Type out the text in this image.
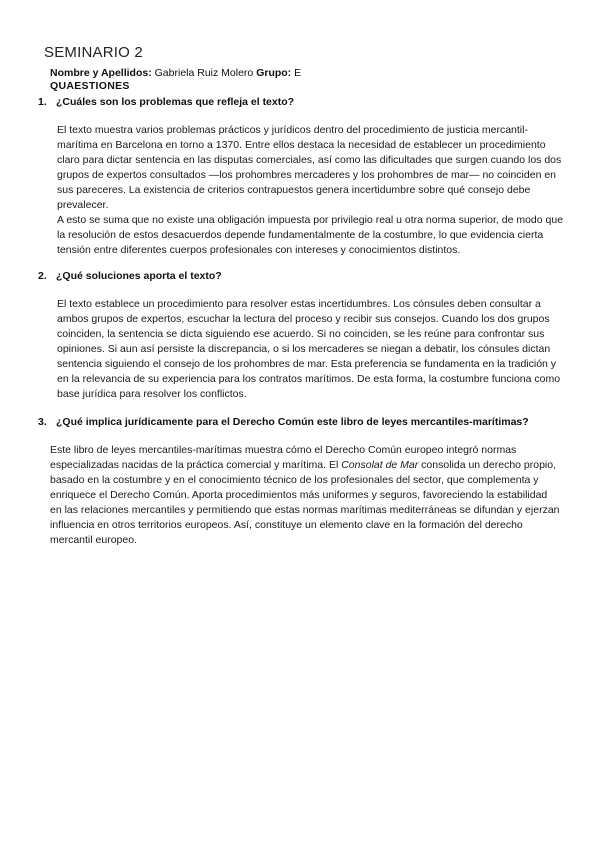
SEMINARIO 2
Nombre y Apellidos: Gabriela Ruiz Molero Grupo: E
QUAESTIONES
1. ¿Cuáles son los problemas que refleja el texto?

El texto muestra varios problemas prácticos y jurídicos dentro del procedimiento de justicia mercantil-marítima en Barcelona en torno a 1370. Entre ellos destaca la necesidad de establecer un procedimiento claro para dictar sentencia en las disputas comerciales, así como las dificultades que surgen cuando los dos grupos de expertos consultados —los prohombres mercaderes y los prohombres de mar— no coinciden en sus pareceres. La existencia de criterios contrapuestos genera incertidumbre sobre qué consejo debe prevalecer.

A esto se suma que no existe una obligación impuesta por privilegio real u otra norma superior, de modo que la resolución de estos desacuerdos depende fundamentalmente de la costumbre, lo que evidencia cierta tensión entre diferentes cuerpos profesionales con intereses y conocimientos distintos.

2. ¿Qué soluciones aporta el texto?

El texto establece un procedimiento para resolver estas incertidumbres. Los cónsules deben consultar a ambos grupos de expertos, escuchar la lectura del proceso y recibir sus consejos. Cuando los dos grupos coinciden, la sentencia se dicta siguiendo ese acuerdo. Si no coinciden, se les reúne para confrontar sus opiniones. Si aun así persiste la discrepancia, o si los mercaderes se niegan a debatir, los cónsules dictan sentencia siguiendo el consejo de los prohombres de mar. Esta preferencia se fundamenta en la tradición y en la relevancia de su experiencia para los contratos marítimos. De esta forma, la costumbre funciona como base jurídica para resolver los conflictos.

3. ¿Qué implica jurídicamente para el Derecho Común este libro de leyes mercantiles-marítimas?

Este libro de leyes mercantiles-marítimas muestra cómo el Derecho Común europeo integró normas especializadas nacidas de la práctica comercial y marítima. El Consolat de Mar consolida un derecho propio, basado en la costumbre y en el conocimiento técnico de los profesionales del sector, que complementa y enriquece el Derecho Común. Aporta procedimientos más uniformes y seguros, favoreciendo la estabilidad en las relaciones mercantiles y permitiendo que estas normas marítimas mediterráneas se difundan y ejerzan influencia en otros territorios europeos. Así, constituye un elemento clave en la formación del derecho mercantil europeo.
